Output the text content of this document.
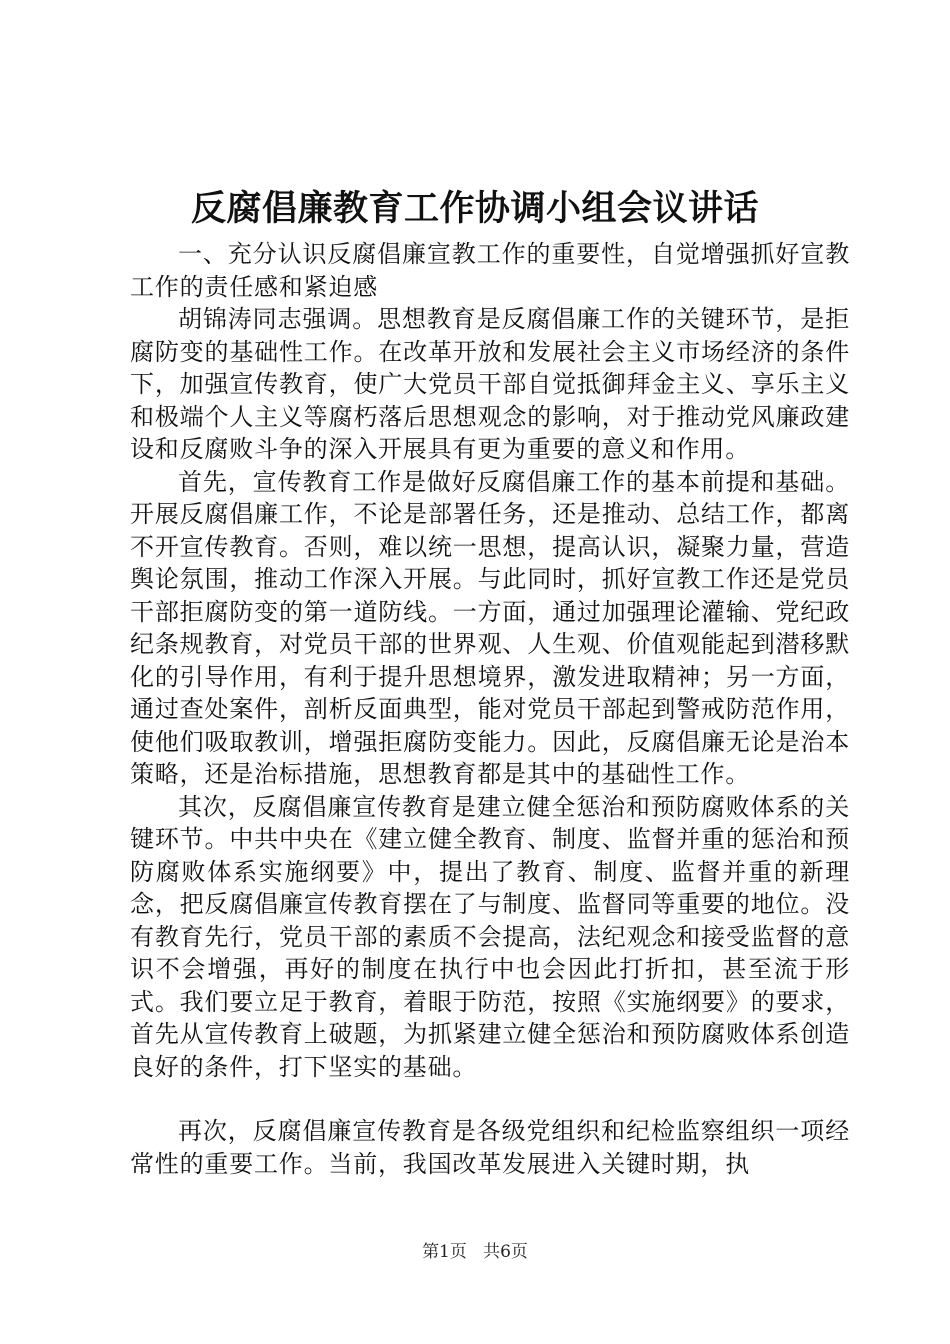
反腐倡廉教育工作协调小组会议讲话

一、充分认识反腐倡廉宣教工作的重要性，自觉增强抓好宣教工作的责任感和紧迫感

胡锦涛同志强调。思想教育是反腐倡廉工作的关键环节，是拒腐防变的基础性工作。在改革开放和发展社会主义市场经济的条件下，加强宣传教育，使广大党员干部自觉抵御拜金主义、享乐主义和极端个人主义等腐朽落后思想观念的影响，对于推动党风廉政建设和反腐败斗争的深入开展具有更为重要的意义和作用。

首先，宣传教育工作是做好反腐倡廉工作的基本前提和基础。开展反腐倡廉工作，不论是部署任务，还是推动、总结工作，都离不开宣传教育。否则，难以统一思想，提高认识，凝聚力量，营造舆论氛围，推动工作深入开展。与此同时，抓好宣教工作还是党员干部拒腐防变的第一道防线。一方面，通过加强理论灌输、党纪政纪条规教育，对党员干部的世界观、人生观、价值观能起到潜移默化的引导作用，有利于提升思想境界，激发进取精神；另一方面，通过查处案件，剖析反面典型，能对党员干部起到警戒防范作用，使他们吸取教训，增强拒腐防变能力。因此，反腐倡廉无论是治本策略，还是治标措施，思想教育都是其中的基础性工作。

其次，反腐倡廉宣传教育是建立健全惩治和预防腐败体系的关键环节。中共中央在《建立健全教育、制度、监督并重的惩治和预防腐败体系实施纲要》中，提出了教育、制度、监督并重的新理念，把反腐倡廉宣传教育摆在了与制度、监督同等重要的地位。没有教育先行，党员干部的素质不会提高，法纪观念和接受监督的意识不会增强，再好的制度在执行中也会因此打折扣，甚至流于形式。我们要立足于教育，着眼于防范，按照《实施纲要》的要求，首先从宣传教育上破题，为抓紧建立健全惩治和预防腐败体系创造良好的条件，打下坚实的基础。

再次，反腐倡廉宣传教育是各级党组织和纪检监察组织一项经常性的重要工作。当前，我国改革发展进入关键时期，执

第1页 共6页
